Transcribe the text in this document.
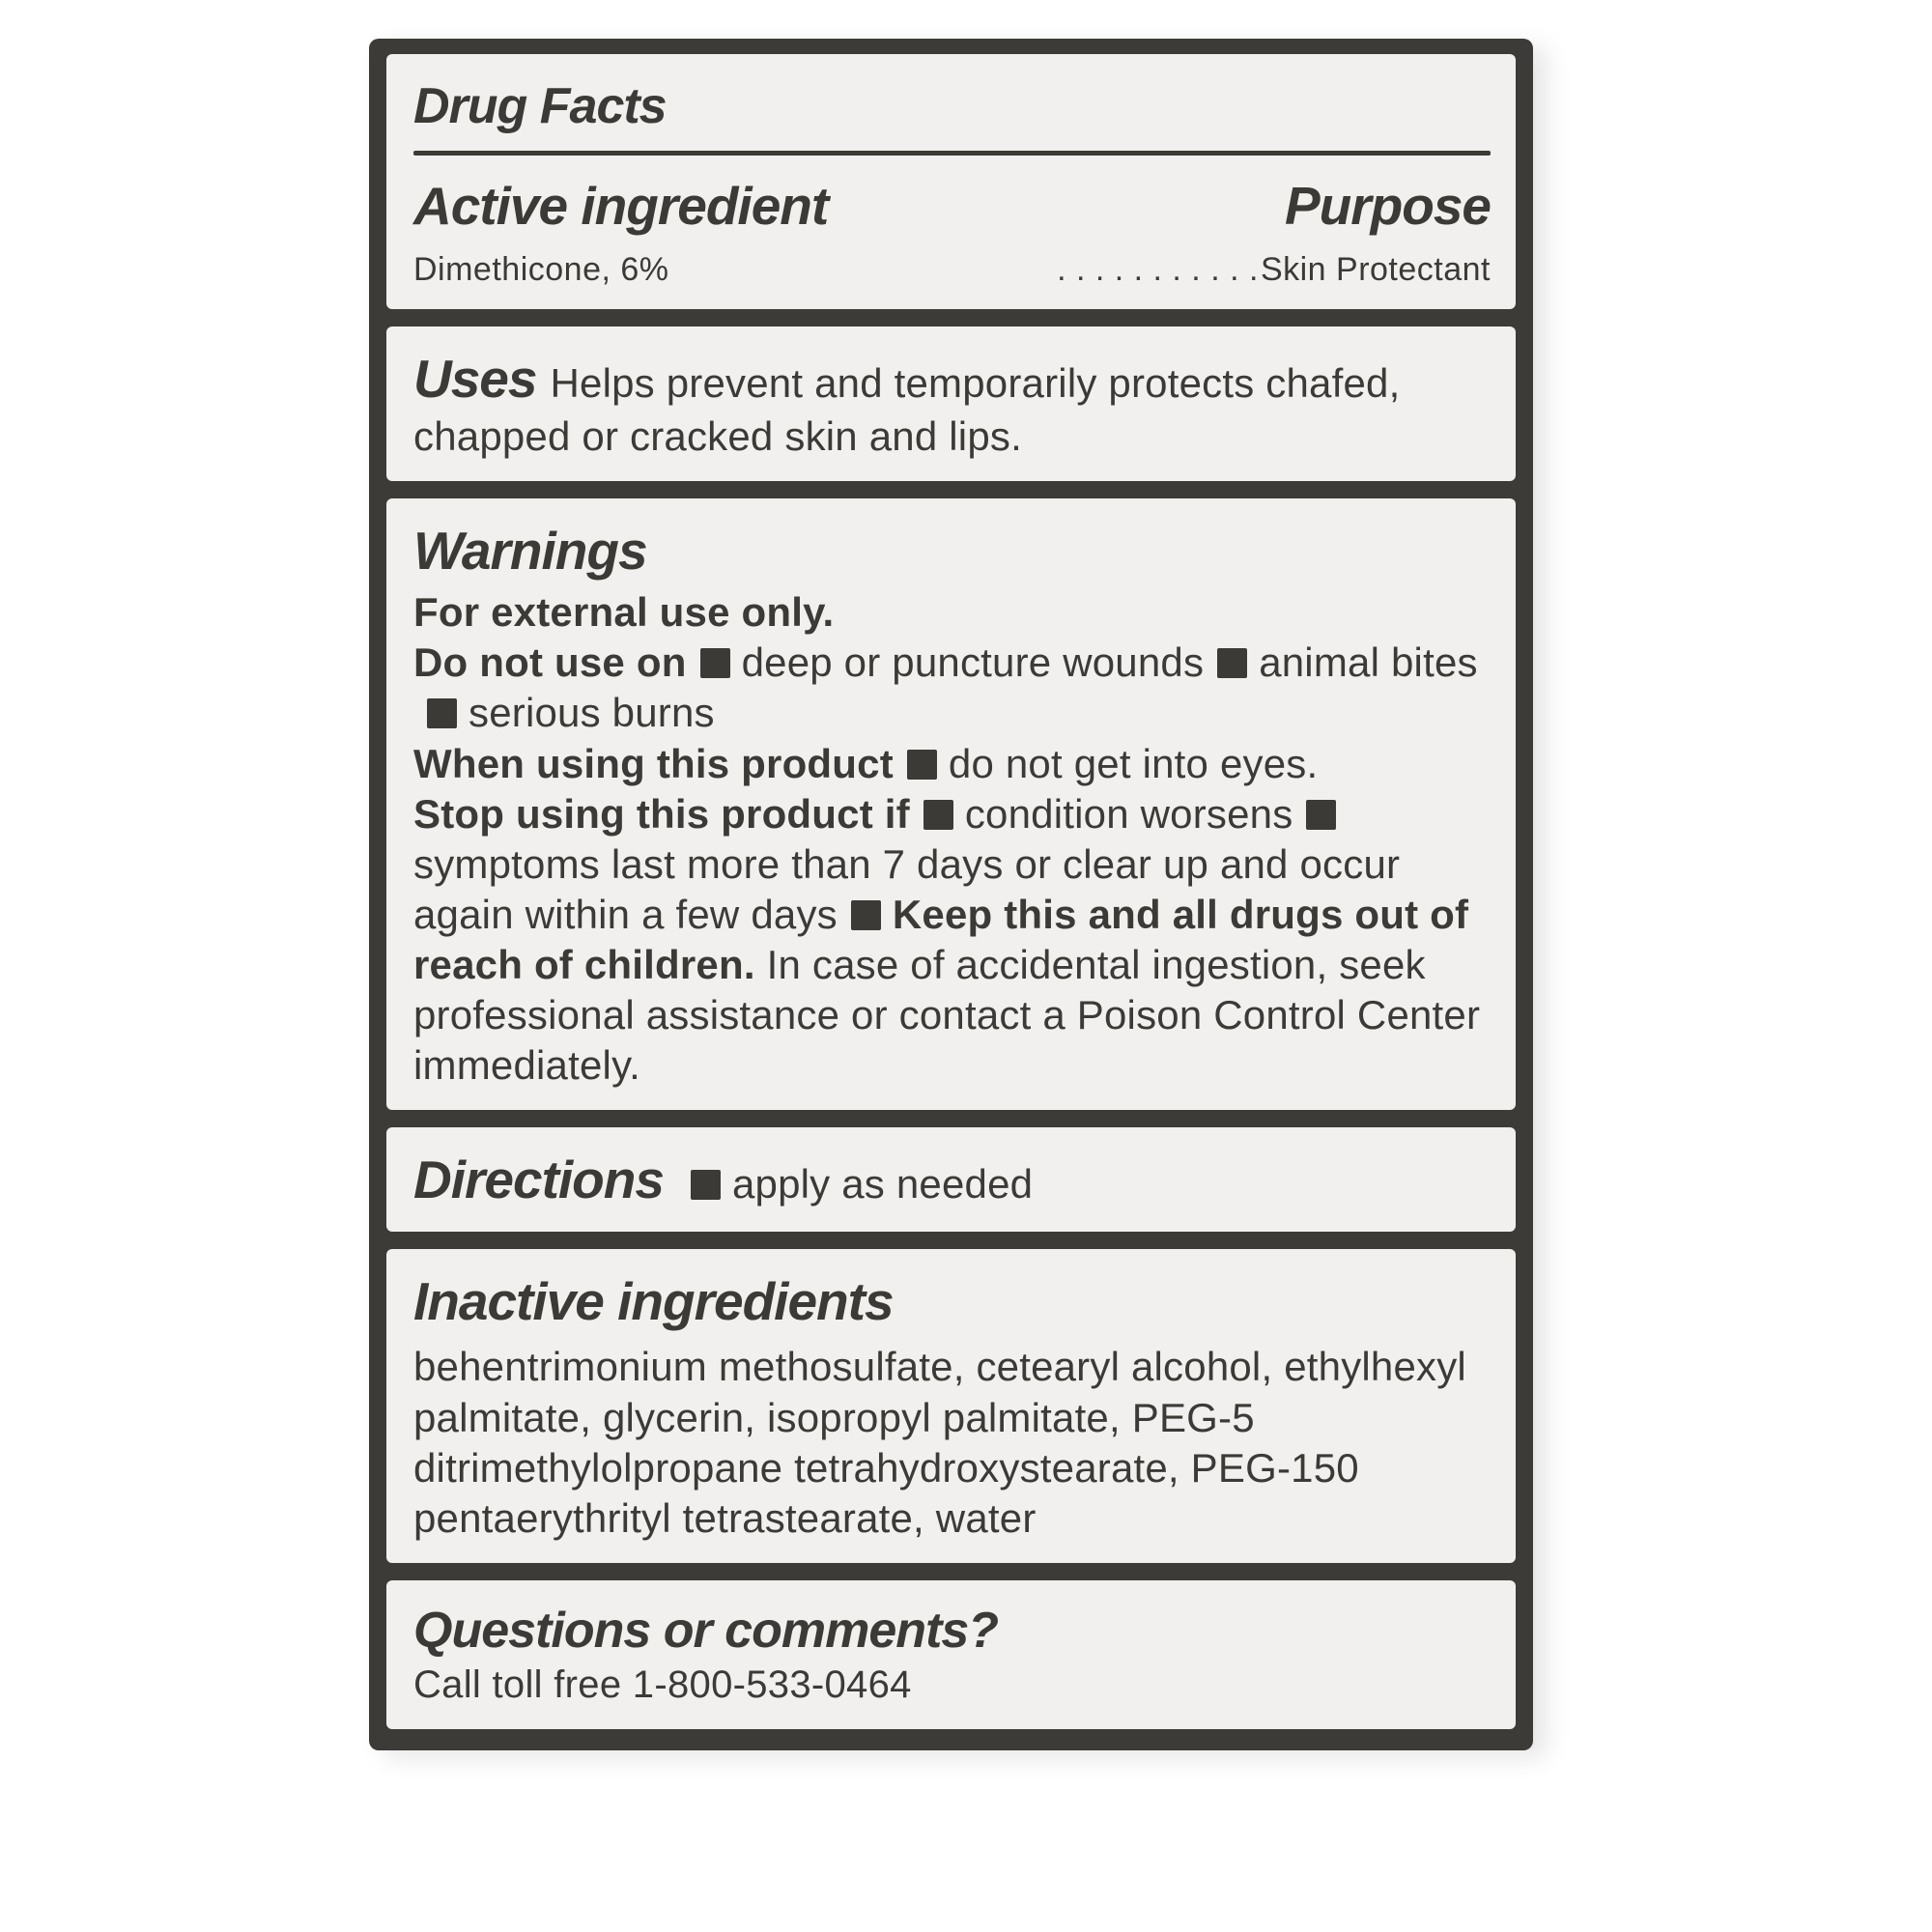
Drug Facts
Active ingredient	Purpose
Dimethicone, 6%	. . . . . . . . . . . Skin Protectant

Uses Helps prevent and temporarily protects chafed, chapped or cracked skin and lips.

Warnings

For external use only.

Do not use on deep or puncture wounds animal bitesserious burns

When using this product do not get into eyes.

Stop using this product if condition worsenssymptoms last more than 7 days or clear up and occur again within a few days Keep this and all drugs out of reach of children. In case of accidental ingestion, seek professional assistance or contact a Poison Control Center immediately.

Directions apply as needed

Inactive ingredients

behentrimonium methosulfate, cetearyl alcohol, ethylhexyl palmitate, glycerin, isopropyl palmitate, PEG-5 ditrimethylolpropane tetrahydroxystearate, PEG-150 pentaerythrityl tetrastearate, water

Questions or comments?

Call toll free 1-800-533-0464
